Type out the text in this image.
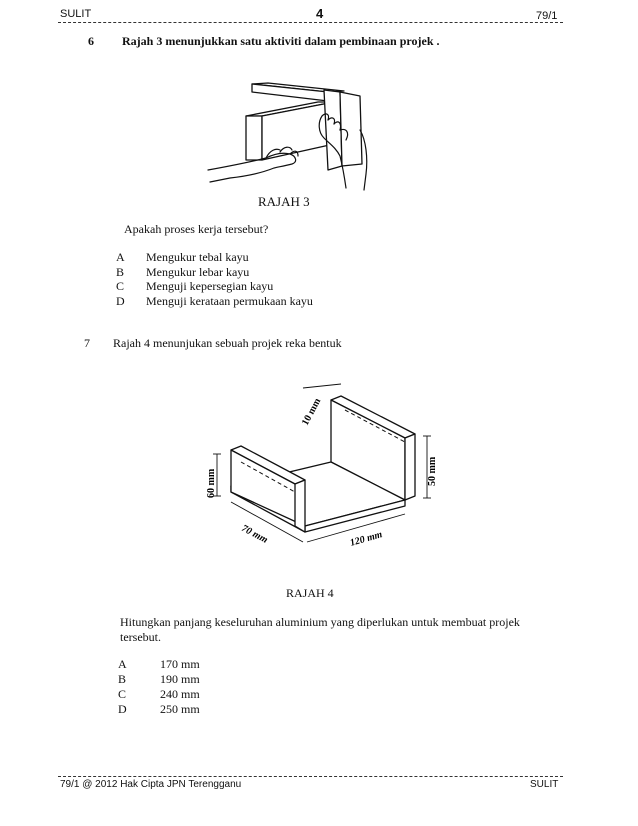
SULIT	4	79/1
6 Rajah 3 menunjukkan satu aktiviti dalam pembinaan projek .
RAJAH 3
Apakah proses kerja tersebut?
A	Mengukur tebal kayu
B	Mengukur lebar kayu
C	Menguji kepersegian kayu
D	Menguji kerataan permukaan kayu
7 Rajah 4 menunjukan sebuah projek reka bentuk
10 mm
60 mm	50 mm
70 mm	120 mm
RAJAH 4
Hitungkan panjang keseluruhan aluminium yang diperlukan untuk membuat projek
tersebut.
A	170 mm
B	190 mm
C	240 mm
D	250 mm
79/1 @ 2012 Hak Cipta JPN Terengganu	SULIT
